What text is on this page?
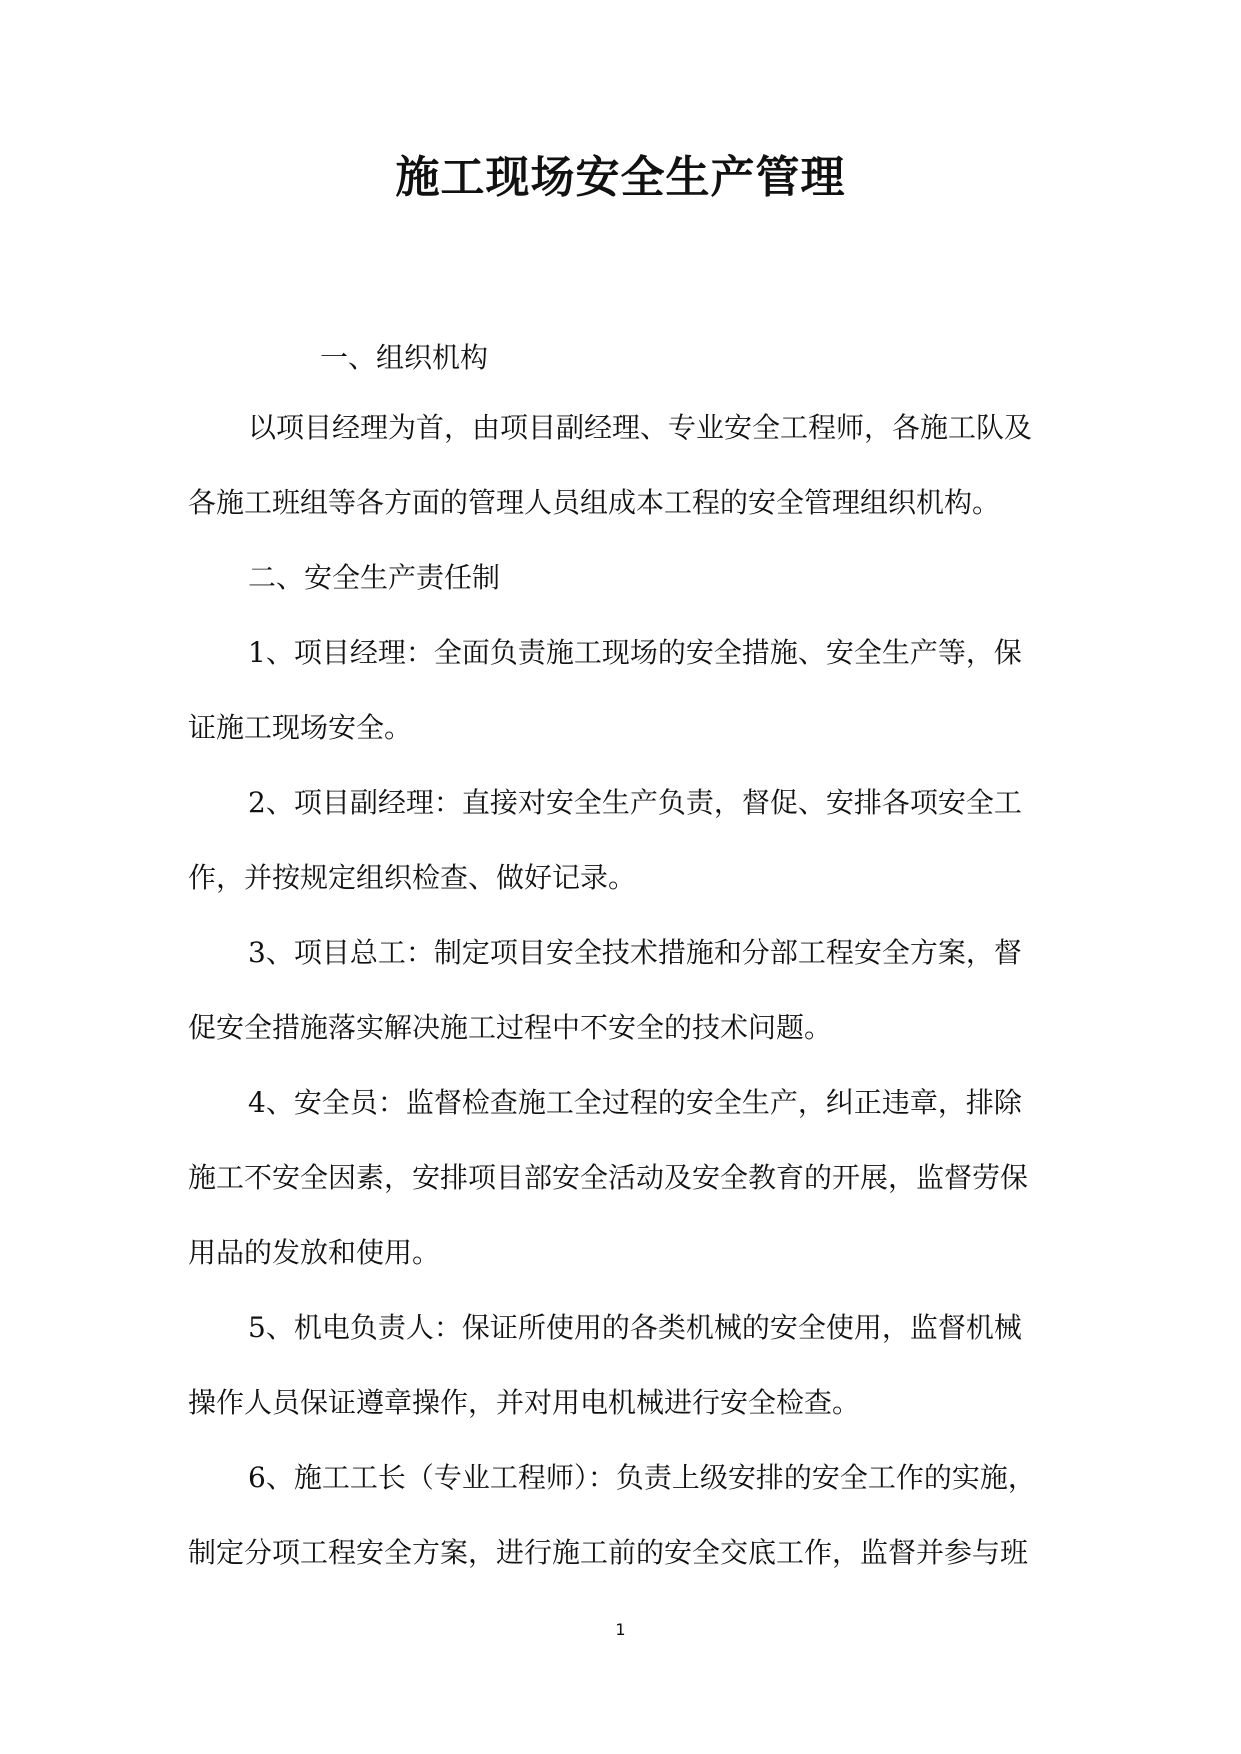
施工现场安全生产管理
一、组织机构
以项目经理为首，由项目副经理、专业安全工程师，各施工队及
各施工班组等各方面的管理人员组成本工程的安全管理组织机构。
二、安全生产责任制
1、项目经理：全面负责施工现场的安全措施、安全生产等，保
证施工现场安全。
2、项目副经理：直接对安全生产负责，督促、安排各项安全工
作，并按规定组织检查、做好记录。
3、项目总工：制定项目安全技术措施和分部工程安全方案，督
促安全措施落实解决施工过程中不安全的技术问题。
4、安全员：监督检查施工全过程的安全生产，纠正违章，排除
施工不安全因素，安排项目部安全活动及安全教育的开展，监督劳保
用品的发放和使用。
5、机电负责人：保证所使用的各类机械的安全使用，监督机械
操作人员保证遵章操作，并对用电机械进行安全检查。
6、施工工长（专业工程师）：负责上级安排的安全工作的实施，
制定分项工程安全方案，进行施工前的安全交底工作，监督并参与班
1
